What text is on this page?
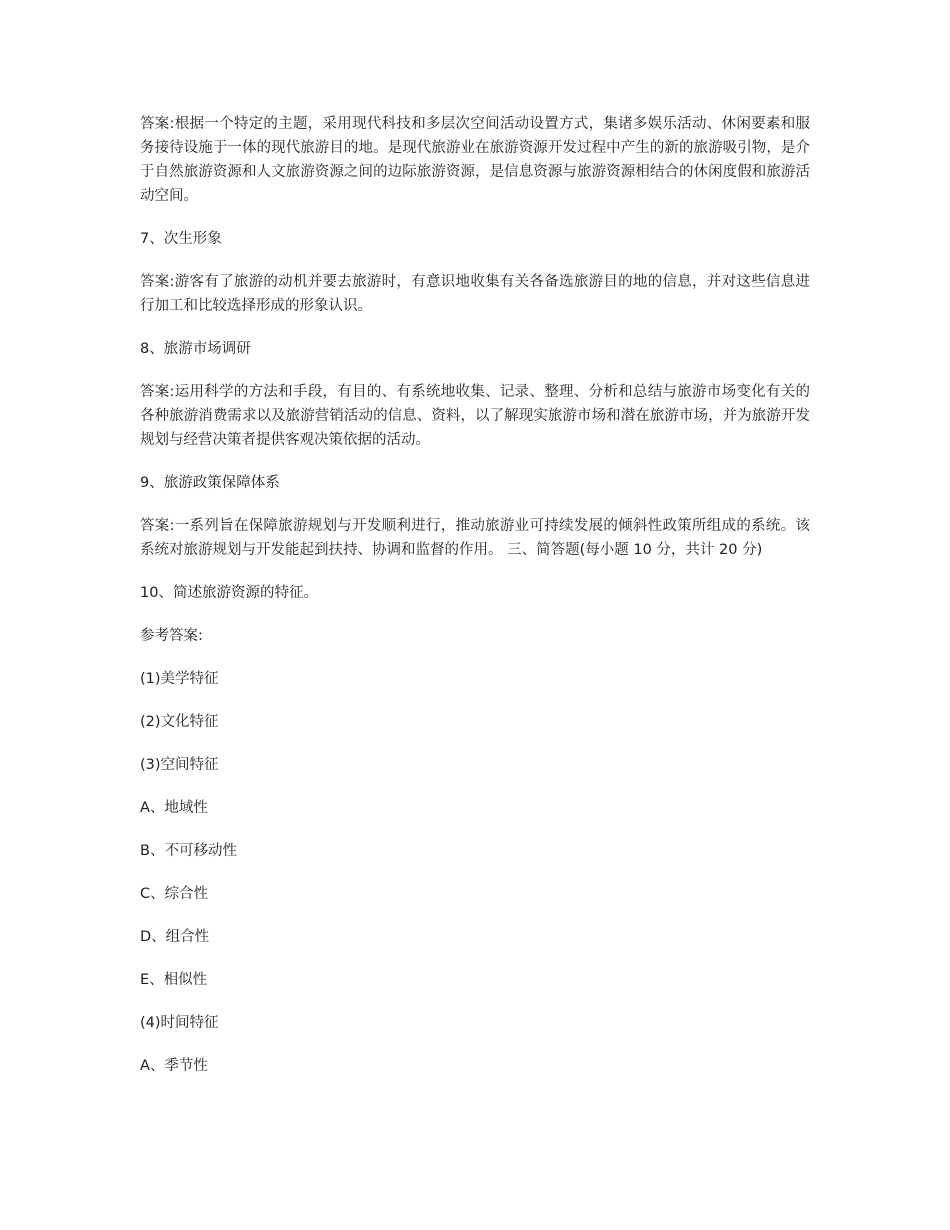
答案:根据一个特定的主题，采用现代科技和多层次空间活动设置方式，集诸多娱乐活动、休闲要素和服务接待设施于一体的现代旅游目的地。是现代旅游业在旅游资源开发过程中产生的新的旅游吸引物，是介于自然旅游资源和人文旅游资源之间的边际旅游资源，是信息资源与旅游资源相结合的休闲度假和旅游活动空间。

7、次生形象

答案:游客有了旅游的动机并要去旅游时，有意识地收集有关各备选旅游目的地的信息，并对这些信息进行加工和比较选择形成的形象认识。

8、旅游市场调研

答案:运用科学的方法和手段，有目的、有系统地收集、记录、整理、分析和总结与旅游市场变化有关的各种旅游消费需求以及旅游营销活动的信息、资料，以了解现实旅游市场和潜在旅游市场，并为旅游开发规划与经营决策者提供客观决策依据的活动。

9、旅游政策保障体系

答案:一系列旨在保障旅游规划与开发顺利进行，推动旅游业可持续发展的倾斜性政策所组成的系统。该系统对旅游规划与开发能起到扶持、协调和监督的作用。 三、简答题(每小题 10 分，共计 20 分)

10、简述旅游资源的特征。

参考答案:

(1)美学特征

(2)文化特征

(3)空间特征

A、地域性

B、不可移动性

C、综合性

D、组合性

E、相似性

(4)时间特征

A、季节性
